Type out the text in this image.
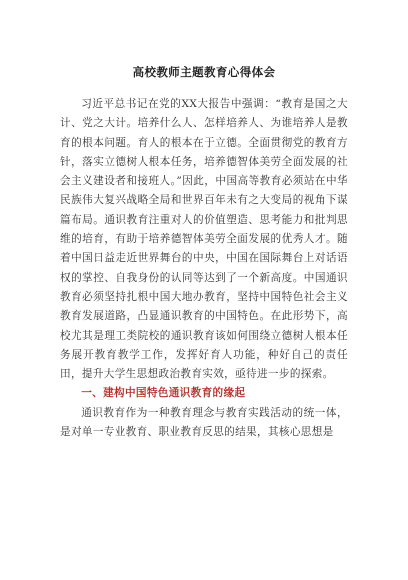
高校教师主题教育心得体会

习近平总书记在党的XX大报告中强调：“教育是国之大计、党之大计。培养什么人、怎样培养人、为谁培养人是教育的根本问题。育人的根本在于立德。全面贯彻党的教育方针，落实立德树人根本任务，培养德智体美劳全面发展的社会主义建设者和接班人。”因此，中国高等教育必须站在中华民族伟大复兴战略全局和世界百年未有之大变局的视角下谋篇布局。通识教育注重对人的价值塑造、思考能力和批判思维的培育，有助于培养德智体美劳全面发展的优秀人才。随着中国日益走近世界舞台的中央，中国在国际舞台上对话语权的掌控、自我身份的认同等达到了一个新高度。中国通识教育必须坚持扎根中国大地办教育，坚持中国特色社会主义教育发展道路，凸显通识教育的中国特色。在此形势下，高校尤其是理工类院校的通识教育该如何围绕立德树人根本任务展开教育教学工作，发挥好育人功能，种好自己的责任田，提升大学生思想政治教育实效，亟待进一步的探索。

一、建构中国特色通识教育的缘起

通识教育作为一种教育理念与教育实践活动的统一体，是对单一专业教育、职业教育反思的结果，其核心思想是
